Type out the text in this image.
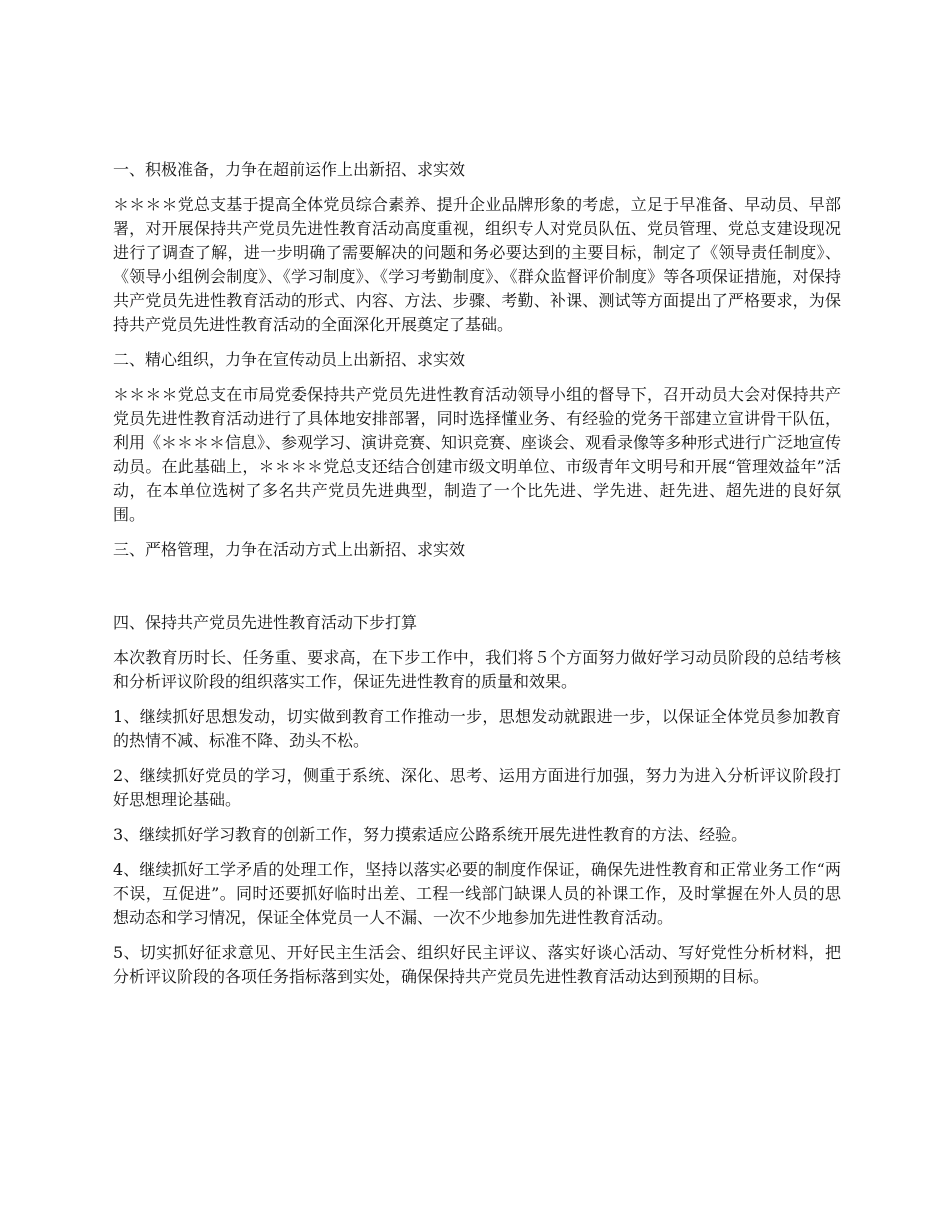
一、积极准备，力争在超前运作上出新招、求实效

＊＊＊＊党总支基于提高全体党员综合素养、提升企业品牌形象的考虑，立足于早准备、早动员、早部署，对开展保持共产党员先进性教育活动高度重视，组织专人对党员队伍、党员管理、党总支建设现况进行了调查了解，进一步明确了需要解决的问题和务必要达到的主要目标，制定了《领导责任制度》、《领导小组例会制度》、《学习制度》、《学习考勤制度》、《群众监督评价制度》等各项保证措施，对保持共产党员先进性教育活动的形式、内容、方法、步骤、考勤、补课、测试等方面提出了严格要求，为保持共产党员先进性教育活动的全面深化开展奠定了基础。

二、精心组织，力争在宣传动员上出新招、求实效

＊＊＊＊党总支在市局党委保持共产党员先进性教育活动领导小组的督导下，召开动员大会对保持共产党员先进性教育活动进行了具体地安排部署，同时选择懂业务、有经验的党务干部建立宣讲骨干队伍，利用《＊＊＊＊信息》、参观学习、演讲竞赛、知识竞赛、座谈会、观看录像等多种形式进行广泛地宣传动员。在此基础上，＊＊＊＊党总支还结合创建市级文明单位、市级青年文明号和开展“管理效益年”活动，在本单位选树了多名共产党员先进典型，制造了一个比先进、学先进、赶先进、超先进的良好氛围。

三、严格管理，力争在活动方式上出新招、求实效
四、保持共产党员先进性教育活动下步打算

本次教育历时长、任务重、要求高，在下步工作中，我们将５个方面努力做好学习动员阶段的总结考核和分析评议阶段的组织落实工作，保证先进性教育的质量和效果。

1、继续抓好思想发动，切实做到教育工作推动一步，思想发动就跟进一步，以保证全体党员参加教育的热情不减、标准不降、劲头不松。

2、继续抓好党员的学习，侧重于系统、深化、思考、运用方面进行加强，努力为进入分析评议阶段打好思想理论基础。

3、继续抓好学习教育的创新工作，努力摸索适应公路系统开展先进性教育的方法、经验。

4、继续抓好工学矛盾的处理工作，坚持以落实必要的制度作保证，确保先进性教育和正常业务工作“两不误，互促进”。同时还要抓好临时出差、工程一线部门缺课人员的补课工作，及时掌握在外人员的思想动态和学习情况，保证全体党员一人不漏、一次不少地参加先进性教育活动。

5、切实抓好征求意见、开好民主生活会、组织好民主评议、落实好谈心活动、写好党性分析材料，把分析评议阶段的各项任务指标落到实处，确保保持共产党员先进性教育活动达到预期的目标。
